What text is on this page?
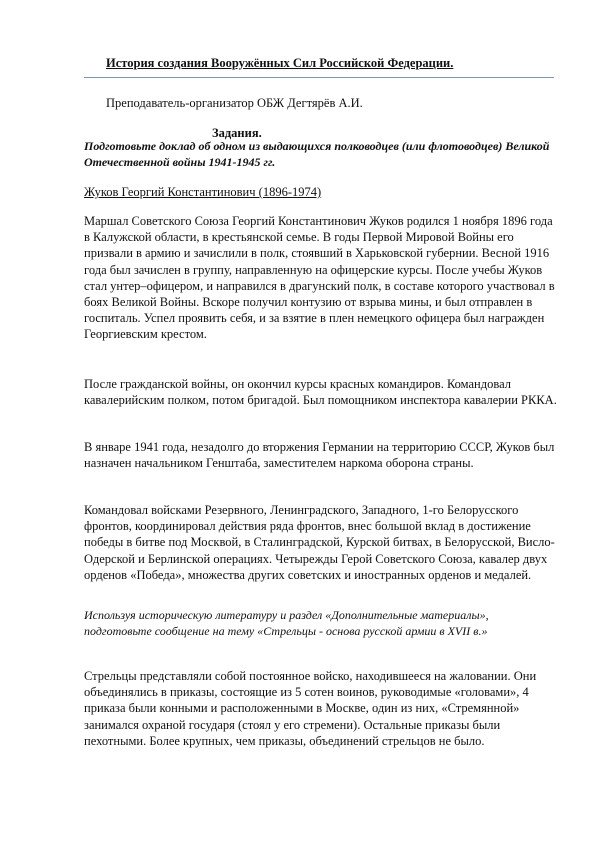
История создания Вооружённых Сил Российской Федерации.
Преподаватель-организатор ОБЖ Дегтярёв А.И.
Задания.
Подготовьте доклад об одном из выдающихся полководцев (или флотоводцев) Великой Отечественной войны 1941-1945 гг.
Жуков Георгий Константинович (1896-1974)

Маршал Советского Союза Георгий Константинович Жуков родился 1 ноября 1896 года в Калужской области, в крестьянской семье. В годы Первой Мировой Войны его призвали в армию и зачислили в полк, стоявший в Харьковской губернии. Весной 1916 года был зачислен в группу, направленную на офицерские курсы. После учебы Жуков стал унтер–офицером, и направился в драгунский полк, в составе которого участвовал в боях Великой Войны. Вскоре получил контузию от взрыва мины, и был отправлен в госпиталь. Успел проявить себя, и за взятие в плен немецкого офицера был награжден Георгиевским крестом.

После гражданской войны, он окончил курсы красных командиров. Командовал кавалерийским полком, потом бригадой. Был помощником инспектора кавалерии РККА.

В январе 1941 года, незадолго до вторжения Германии на территорию СССР, Жуков был назначен начальником Генштаба, заместителем наркома оборона страны.

Командовал войсками Резервного, Ленинградского, Западного, 1-го Белорусского фронтов, координировал действия ряда фронтов, внес большой вклад в достижение победы в битве под Москвой, в Сталинградской, Курской битвах, в Белорусской, Висло-Одерской и Берлинской операциях. Четырежды Герой Советского Союза, кавалер двух орденов «Победа», множества других советских и иностранных орденов и медалей.

Используя историческую литературу и раздел «Дополнительные материалы», подготовьте сообщение на тему «Стрельцы - основа русской армии в XVII в.»

Стрельцы представляли собой постоянное войско, находившееся на жаловании. Они объединялись в приказы, состоящие из 5 сотен воинов, руководимые «головами», 4 приказа были конными и расположенными в Москве, один из них, «Стремянной» занимался охраной государя (стоял у его стремени). Остальные приказы были пехотными. Более крупных, чем приказы, объединений стрельцов не было.
